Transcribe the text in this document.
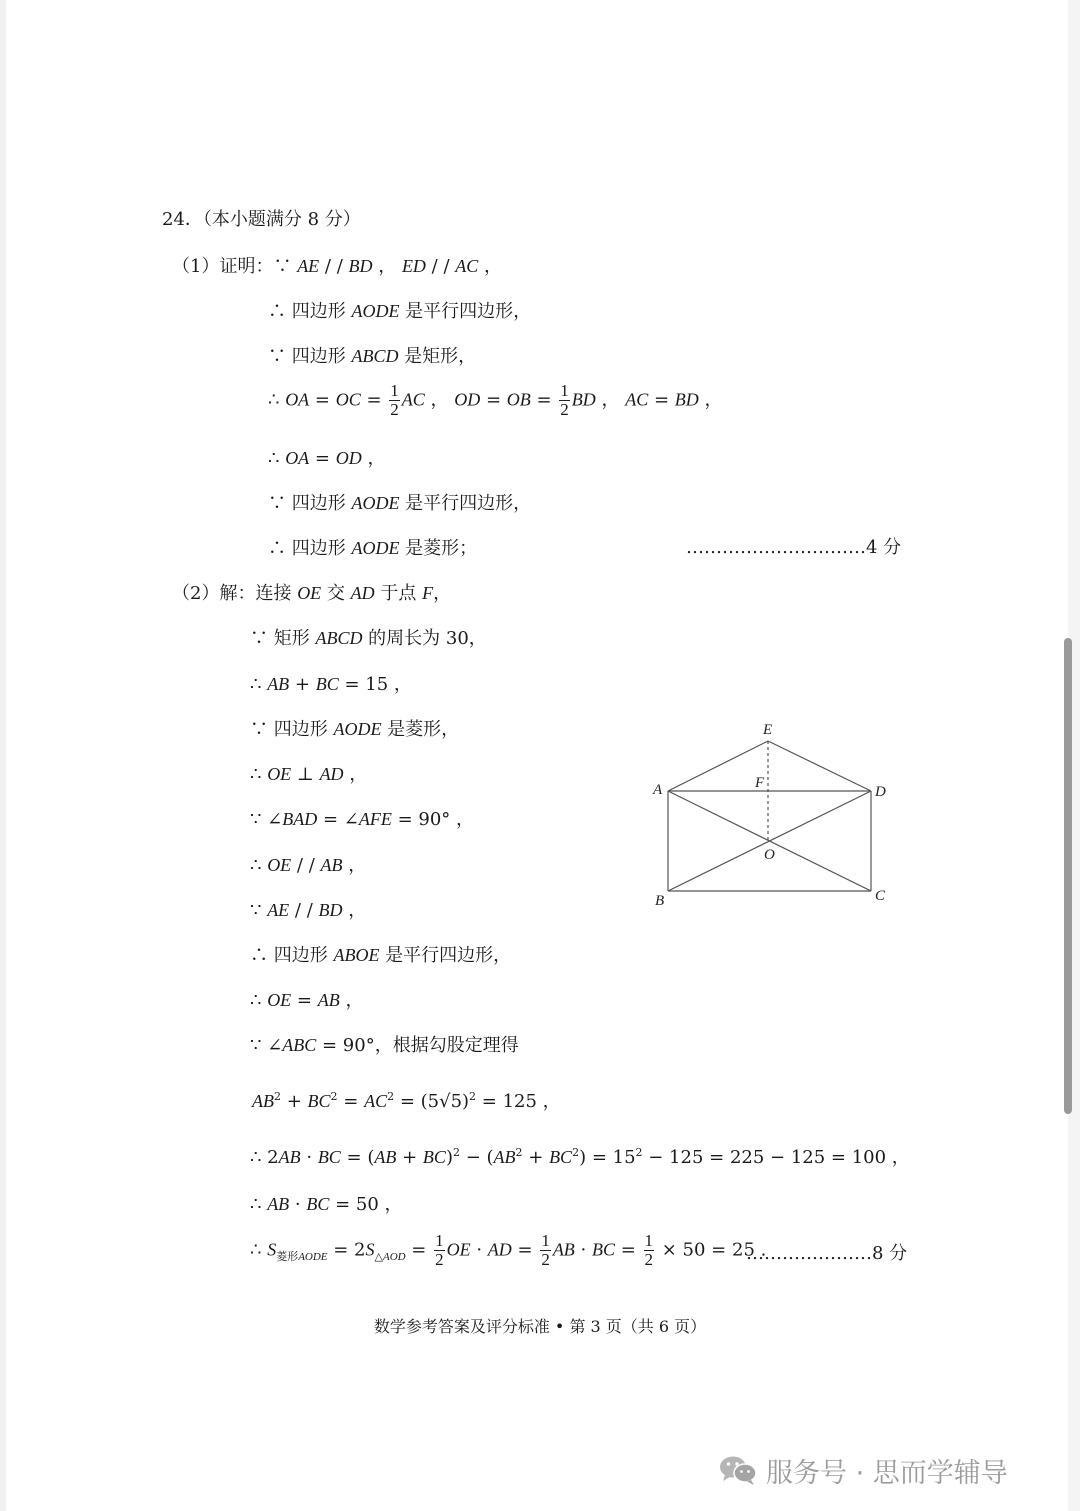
24．（本小题满分 8 分）
（1）证明：∵ AE / / BD ， ED / / AC ，
∴ 四边形 AODE 是平行四边形，
∵ 四边形 ABCD 是矩形，
∴ OA = OC = $\frac{1}{2}$ AC ， OD = OB = $\frac{1}{2}$ BD ， AC = BD ，
∴ OA = OD ，
∵ 四边形 AODE 是平行四边形，
∴ 四边形 AODE 是菱形；	…………………………4 分
（2）解：连接 OE 交 AD 于点 F，
∵ 矩形 ABCD 的周长为 30，
∴ AB + BC = 15 ，
∵ 四边形 AODE 是菱形，
∴ OE ⊥ AD ，
∵ ∠BAD = ∠AFE = 90° ，
∴ OE / / AB ，
∵ AE / / BD ，
∴ 四边形 ABOE 是平行四边形，
∴ OE = AB ，
∵ ∠ABC = 90°，根据勾股定理得
$AB^2 + BC^2 = AC^2 = (5√5)^2 = 125$ ，
∴ 2AB · BC = $(AB + BC)^2 - (AB^2 + BC^2) = 15^2 - 125 = 225 - 125 = 100$ ，
∴ AB · BC = 50 ，
∴ $S_{菱形AODE} = 2S_{\triangle AOD} = \frac{1}{2}$ OE · AD = $\frac{1}{2}$ AB · BC = $\frac{1}{2} \times 50 = 25$ .
…………………8 分
E
F
A	D
O
B	C
数学参考答案及评分标准 • 第 3 页（共 6 页）
服务号 · 思而学辅导
